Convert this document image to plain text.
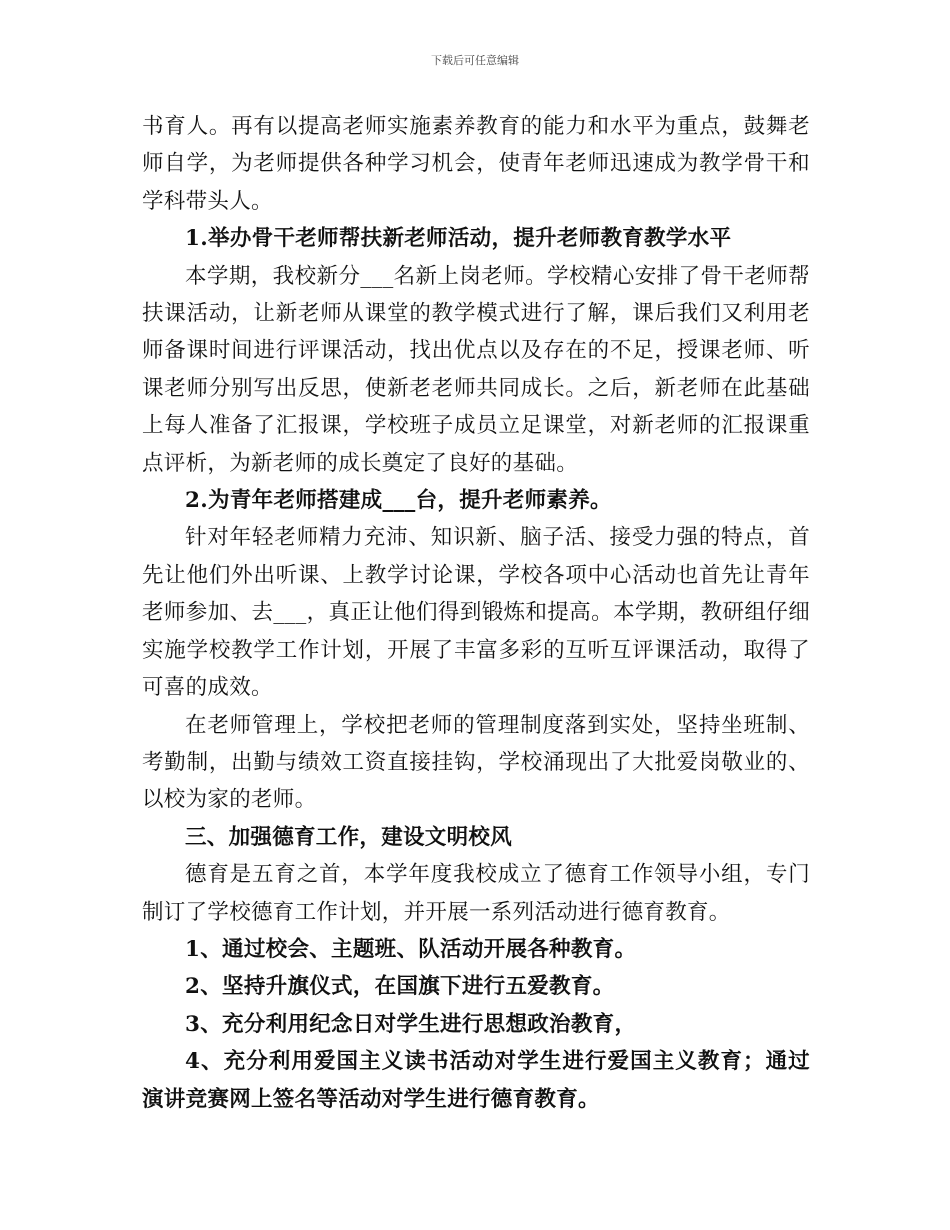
下载后可任意编辑

书育人。再有以提高老师实施素养教育的能力和水平为重点，鼓舞老师自学，为老师提供各种学习机会，使青年老师迅速成为教学骨干和学科带头人。

1.举办骨干老师帮扶新老师活动，提升老师教育教学水平

本学期，我校新分___名新上岗老师。学校精心安排了骨干老师帮扶课活动，让新老师从课堂的教学模式进行了解，课后我们又利用老师备课时间进行评课活动，找出优点以及存在的不足，授课老师、听课老师分别写出反思，使新老老师共同成长。之后，新老师在此基础上每人准备了汇报课，学校班子成员立足课堂，对新老师的汇报课重点评析，为新老师的成长奠定了良好的基础。

2.为青年老师搭建成___台，提升老师素养。

针对年轻老师精力充沛、知识新、脑子活、接受力强的特点，首先让他们外出听课、上教学讨论课，学校各项中心活动也首先让青年老师参加、去___，真正让他们得到锻炼和提高。本学期，教研组仔细实施学校教学工作计划，开展了丰富多彩的互听互评课活动，取得了可喜的成效。

在老师管理上，学校把老师的管理制度落到实处，坚持坐班制、考勤制，出勤与绩效工资直接挂钩，学校涌现出了大批爱岗敬业的、以校为家的老师。

三、加强德育工作，建设文明校风

德育是五育之首，本学年度我校成立了德育工作领导小组，专门制订了学校德育工作计划，并开展一系列活动进行德育教育。

1、通过校会、主题班、队活动开展各种教育。

2、坚持升旗仪式，在国旗下进行五爱教育。

3、充分利用纪念日对学生进行思想政治教育，

4、充分利用爱国主义读书活动对学生进行爱国主义教育；通过演讲竞赛网上签名等活动对学生进行德育教育。
